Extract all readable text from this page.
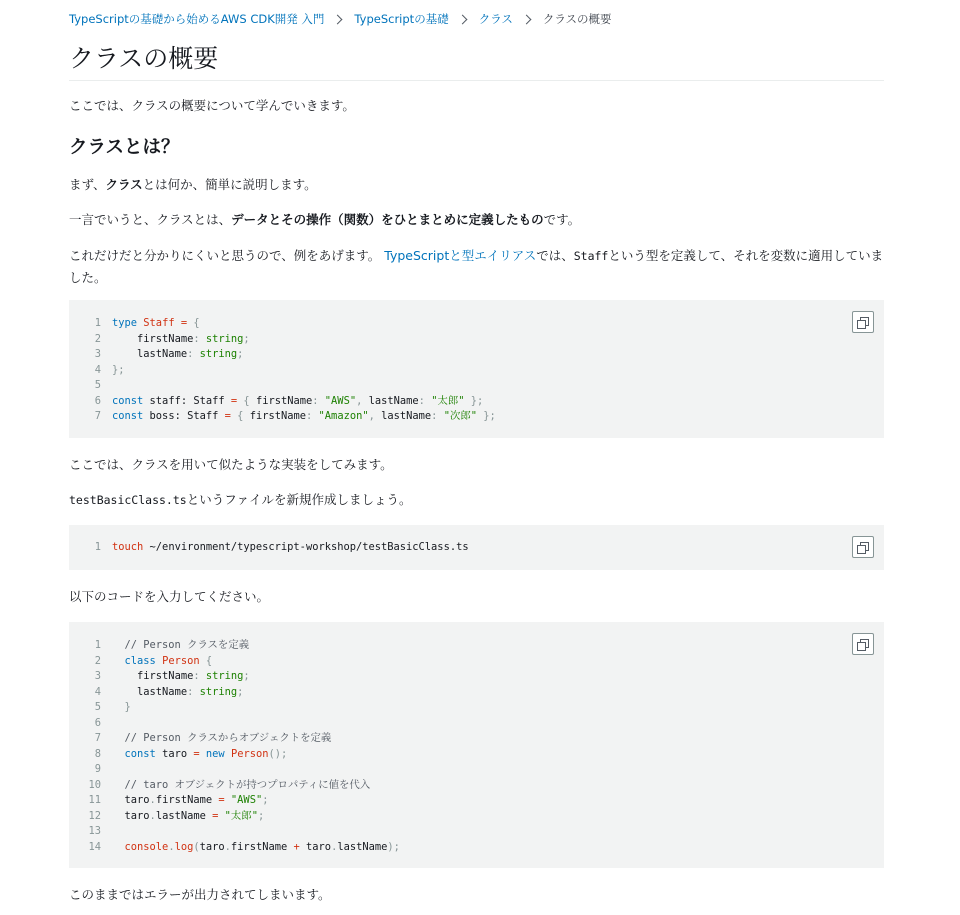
TypeScriptの基礎から始めるAWS CDK開発 入門	TypeScriptの基礎	クラス	クラスの概要
クラスの概要

ここでは、クラスの概要について学んでいきます。

クラスとは？

まず、クラスとは何か、簡単に説明します。

一言でいうと、クラスとは、データとその操作（関数）をひとまとめに定義したものです。

これだけだと分かりにくいと思うので、例をあげます。 TypeScriptと型エイリアスでは、Staffという型を定義して、それを変数に適用していました。

1 type Staff = {
2	firstName: string;
3	lastName: string;
4 };
5
6 const staff: Staff = { firstName: "AWS", lastName: "太郎" };
7 const boss: Staff = { firstName: "Amazon", lastName: "次郎" };

ここでは、クラスを用いて似たような実装をしてみます。

testBasicClass.tsというファイルを新規作成しましょう。

1 touch ~/environment/typescript-workshop/testBasicClass.ts

以下のコードを入力してください。

1 // Person クラスを定義
2 class Person {
3	firstName: string;
4	lastName: string;
5 }
6
7 // Person クラスからオブジェクトを定義
8 const taro = new Person();
9
10 // taro オブジェクトが持つプロパティに値を代入
11 taro.firstName = "AWS";
12 taro.lastName = "太郎";
13
14 console.log(taro.firstName + taro.lastName);

このままではエラーが出力されてしまいます。
